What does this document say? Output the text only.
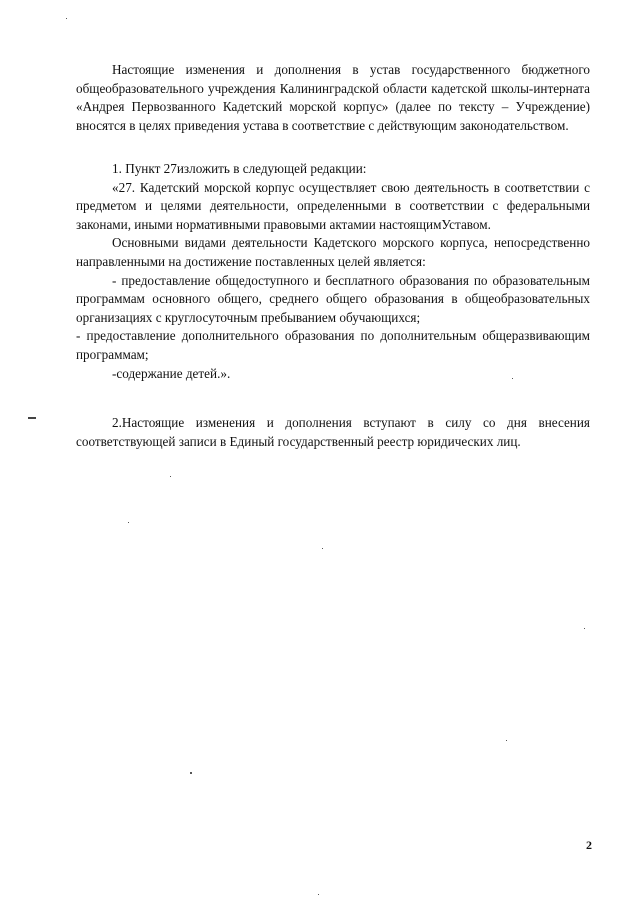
Настоящие изменения и дополнения в устав государственного бюджетного общеобразовательного учреждения Калининградской области кадетской школы-интерната «Андрея Первозванного Кадетский морской корпус» (далее по тексту – Учреждение) вносятся в целях приведения устава в соответствие с действующим законодательством.

1. Пункт 27изложить в следующей редакции:

«27. Кадетский морской корпус осуществляет свою деятельность в соответствии с предметом и целями деятельности, определенными в соответствии с федеральными законами, иными нормативными правовыми актамии настоящимУставом.

Основными видами деятельности Кадетского морского корпуса, непосредственно направленными на достижение поставленных целей является:

- предоставление общедоступного и бесплатного образования по образовательным программам основного общего, среднего общего образования в общеобразовательных организациях с круглосуточным пребыванием обучающихся;

- предоставление дополнительного образования по дополнительным общеразвивающим программам;

-содержание детей.».

2.Настоящие изменения и дополнения вступают в силу со дня внесения соответствующей записи в Единый государственный реестр юридических лиц.

2
